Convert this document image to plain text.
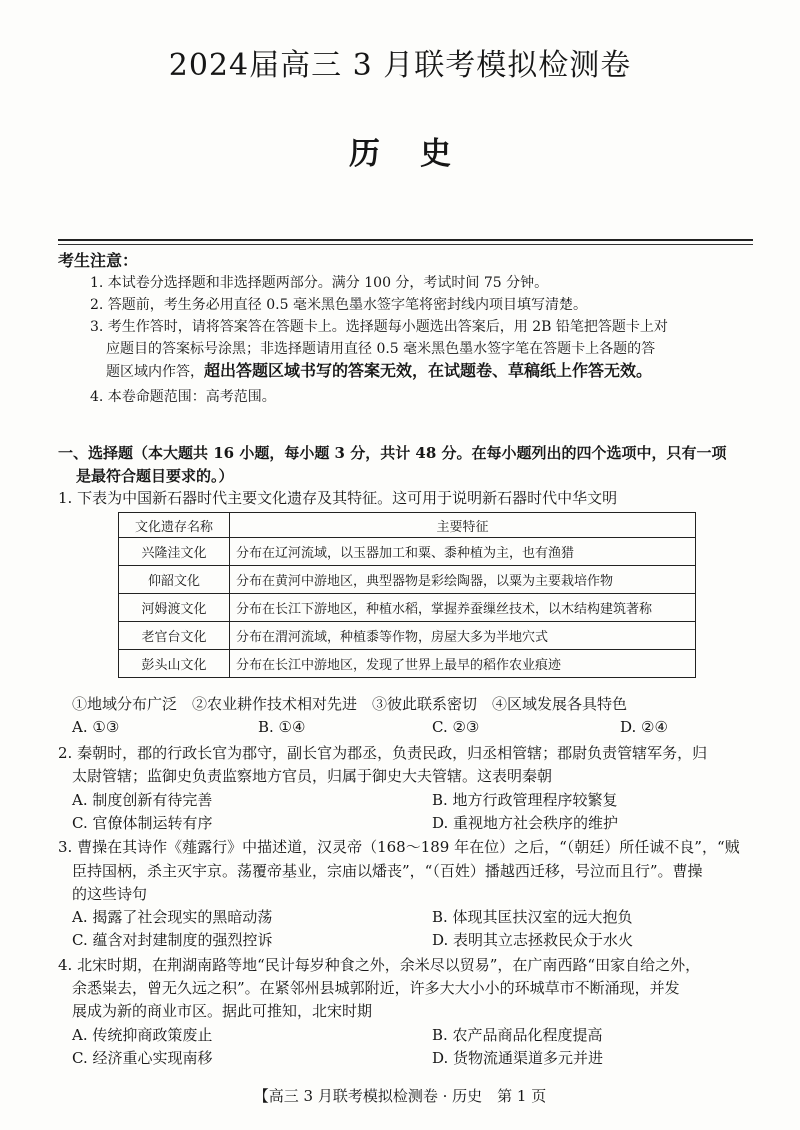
2024届高三 3 月联考模拟检测卷
历史
考生注意：
1. 本试卷分选择题和非选择题两部分。满分 100 分，考试时间 75 分钟。
2. 答题前，考生务必用直径 0.5 毫米黑色墨水签字笔将密封线内项目填写清楚。
3. 考生作答时，请将答案答在答题卡上。选择题每小题选出答案后，用 2B 铅笔把答题卡上对
应题目的答案标号涂黑；非选择题请用直径 0.5 毫米黑色墨水签字笔在答题卡上各题的答
题区域内作答，超出答题区域书写的答案无效，在试题卷、草稿纸上作答无效。
4. 本卷命题范围：高考范围。
一、选择题（本大题共 16 小题，每小题 3 分，共计 48 分。在每小题列出的四个选项中，只有一项
是最符合题目要求的。）
1. 下表为中国新石器时代主要文化遗存及其特征。这可用于说明新石器时代中华文明
文化遗存名称	主要特征
兴隆洼文化	分布在辽河流域，以玉器加工和粟、黍种植为主，也有渔猎
仰韶文化	分布在黄河中游地区，典型器物是彩绘陶器，以粟为主要栽培作物
河姆渡文化	分布在长江下游地区，种植水稻，掌握养蚕缫丝技术，以木结构建筑著称
老官台文化	分布在渭河流域，种植黍等作物，房屋大多为半地穴式
彭头山文化	分布在长江中游地区，发现了世界上最早的稻作农业痕迹
①地域分布广泛　②农业耕作技术相对先进　③彼此联系密切　④区域发展各具特色
A. ①③	B. ①④	C. ②③	D. ②④
2. 秦朝时，郡的行政长官为郡守，副长官为郡丞，负责民政，归丞相管辖；郡尉负责管辖军务，归
太尉管辖；监御史负责监察地方官员，归属于御史大夫管辖。这表明秦朝
A. 制度创新有待完善	B. 地方行政管理程序较繁复
C. 官僚体制运转有序	D. 重视地方社会秩序的维护
3. 曹操在其诗作《薤露行》中描述道，汉灵帝（168～189 年在位）之后，“（朝廷）所任诚不良”，“贼
臣持国柄，杀主灭宇京。荡覆帝基业，宗庙以燔丧”，“（百姓）播越西迁移，号泣而且行”。曹操
的这些诗句
A. 揭露了社会现实的黑暗动荡	B. 体现其匡扶汉室的远大抱负
C. 蕴含对封建制度的强烈控诉	D. 表明其立志拯救民众于水火
4. 北宋时期，在荆湖南路等地“民计每岁种食之外，余米尽以贸易”，在广南西路“田家自给之外，
余悉粜去，曾无久远之积”。在紧邻州县城郭附近，许多大大小小的环城草市不断涌现，并发
展成为新的商业市区。据此可推知，北宋时期
A. 传统抑商政策废止	B. 农产品商品化程度提高
C. 经济重心实现南移	D. 货物流通渠道多元并进
【高三 3 月联考模拟检测卷 · 历史　第 1 页
